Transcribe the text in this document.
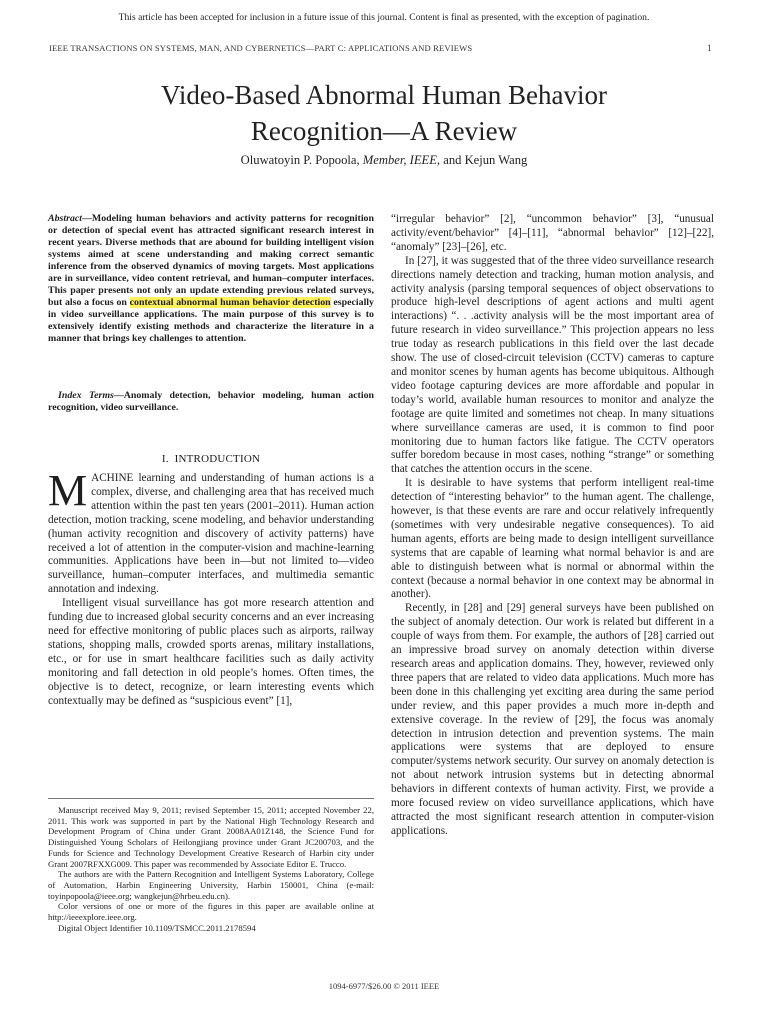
This article has been accepted for inclusion in a future issue of this journal. Content is final as presented, with the exception of pagination.
IEEE TRANSACTIONS ON SYSTEMS, MAN, AND CYBERNETICS—PART C: APPLICATIONS AND REVIEWS	1
Video-Based Abnormal Human Behavior
Recognition—A Review
Oluwatoyin P. Popoola, Member, IEEE, and Kejun Wang

Abstract—Modeling human behaviors and activity patterns for recognition or detection of special event has attracted significant research interest in recent years. Diverse methods that are abound for building intelligent vision systems aimed at scene understanding and making correct semantic inference from the observed dynamics of moving targets. Most applications are in surveillance, video content retrieval, and human–computer interfaces. This paper presents not only an update extending previous related surveys, but also a focus on contextual abnormal human behavior detection especially in video surveillance applications. The main purpose of this survey is to extensively identify existing methods and characterize the literature in a manner that brings key challenges to attention.

Index Terms—Anomaly detection, behavior modeling, human action recognition, video surveillance.

I. INTRODUCTION

MACHINE learning and understanding of human actions is a complex, diverse, and challenging area that has received much attention within the past ten years (2001–2011). Human action detection, motion tracking, scene modeling, and behavior understanding (human activity recognition and discovery of activity patterns) have received a lot of attention in the computer-vision and machine-learning communities. Applications have been in—but not limited to—video surveillance, human–computer interfaces, and multimedia semantic annotation and indexing.

Intelligent visual surveillance has got more research attention and funding due to increased global security concerns and an ever increasing need for effective monitoring of public places such as airports, railway stations, shopping malls, crowded sports arenas, military installations, etc., or for use in smart healthcare facilities such as daily activity monitoring and fall detection in old people’s homes. Often times, the objective is to detect, recognize, or learn interesting events which contextually may be defined as “suspicious event” [1],

Manuscript received May 9, 2011; revised September 15, 2011; accepted November 22, 2011. This work was supported in part by the National High Technology Research and Development Program of China under Grant 2008AA01Z148, the Science Fund for Distinguished Young Scholars of Heilongjiang province under Grant JC200703, and the Funds for Science and Technology Development Creative Research of Harbin city under Grant 2007RFXXG009. This paper was recommended by Associate Editor E. Trucco.

The authors are with the Pattern Recognition and Intelligent Systems Laboratory, College of Automation, Harbin Engineering University, Harbin 150001, China (e-mail: toyinpopoola@ieee.org; wangkejun@hrbeu.edu.cn).

Color versions of one or more of the figures in this paper are available online at http://ieeexplore.ieee.org.

Digital Object Identifier 10.1109/TSMCC.2011.2178594

“irregular behavior” [2], “uncommon behavior” [3], “unusual activity/event/behavior” [4]–[11], “abnormal behavior” [12]–[22], “anomaly” [23]–[26], etc.

In [27], it was suggested that of the three video surveillance research directions namely detection and tracking, human motion analysis, and activity analysis (parsing temporal sequences of object observations to produce high-level descriptions of agent actions and multi agent interactions) “. . .activity analysis will be the most important area of future research in video surveillance.” This projection appears no less true today as research publications in this field over the last decade show. The use of closed-circuit television (CCTV) cameras to capture and monitor scenes by human agents has become ubiquitous. Although video footage capturing devices are more affordable and popular in today’s world, available human resources to monitor and analyze the footage are quite limited and sometimes not cheap. In many situations where surveillance cameras are used, it is common to find poor monitoring due to human factors like fatigue. The CCTV operators suffer boredom because in most cases, nothing “strange” or something that catches the attention occurs in the scene.

It is desirable to have systems that perform intelligent real-time detection of “interesting behavior” to the human agent. The challenge, however, is that these events are rare and occur relatively infrequently (sometimes with very undesirable negative consequences). To aid human agents, efforts are being made to design intelligent surveillance systems that are capable of learning what normal behavior is and are able to distinguish between what is normal or abnormal within the context (because a normal behavior in one context may be abnormal in another).

Recently, in [28] and [29] general surveys have been published on the subject of anomaly detection. Our work is related but different in a couple of ways from them. For example, the authors of [28] carried out an impressive broad survey on anomaly detection within diverse research areas and application domains. They, however, reviewed only three papers that are related to video data applications. Much more has been done in this challenging yet exciting area during the same period under review, and this paper provides a much more in-depth and extensive coverage. In the review of [29], the focus was anomaly detection in intrusion detection and prevention systems. The main applications were systems that are deployed to ensure computer/systems network security. Our survey on anomaly detection is not about network intrusion systems but in detecting abnormal behaviors in different contexts of human activity. First, we provide a more focused review on video surveillance applications, which have attracted the most significant research attention in computer-vision applications.

1094-6977/$26.00 © 2011 IEEE
